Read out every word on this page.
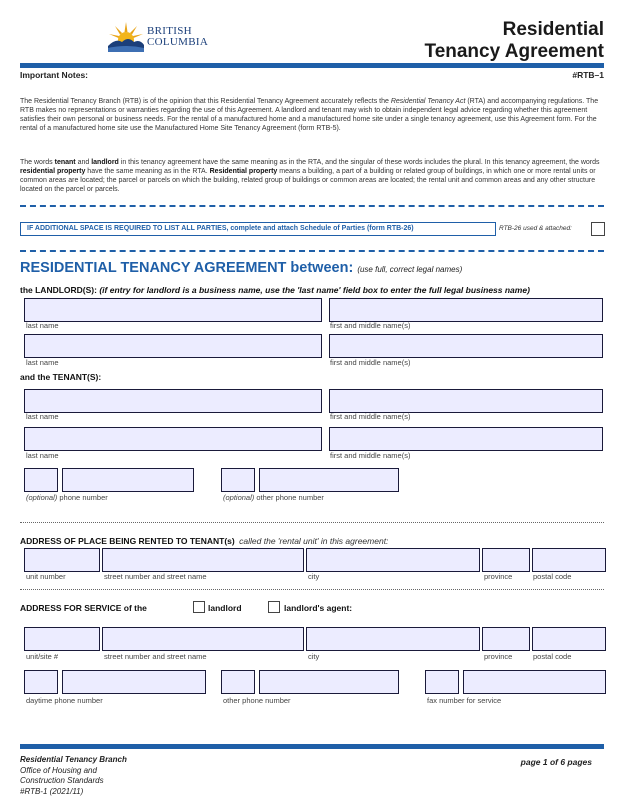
BRITISH
COLUMBIA
Residential
Tenancy Agreement
Important Notes:	#RTB–1
The Residential Tenancy Branch (RTB) is of the opinion that this Residential Tenancy Agreement accurately reflects the Residential Tenancy Act (RTA) and accompanying regulations. The RTB makes no representations or warranties regarding the use of this Agreement. A landlord and tenant may wish to obtain independent legal advice regarding whether this agreement satisfies their own personal or business needs. For the rental of a manufactured home and a manufactured home site under a single tenancy agreement, use this Agreement form. For the rental of a manufactured home site use the Manufactured Home Site Tenancy Agreement (form RTB-5).
The words tenant and landlord in this tenancy agreement have the same meaning as in the RTA, and the singular of these words includes the plural. In this tenancy agreement, the words residential property have the same meaning as in the RTA. Residential property means a building, a part of a building or related group of buildings, in which one or more rental units or common areas are located; the parcel or parcels on which the building, related group of buildings or common areas are located; the rental unit and common areas and any other structure located on the parcel or parcels.
IF ADDITIONAL SPACE IS REQUIRED TO LIST ALL PARTIES, complete and attach Schedule of Parties (form RTB-26)	RTB-26 used & attached:
RESIDENTIAL TENANCY AGREEMENT between: (use full, correct legal names)
the LANDLORD(S): (if entry for landlord is a business name, use the 'last name' field box to enter the full legal business name)
last name	first and middle name(s)
last name	first and middle name(s)
and the TENANT(S):
last name	first and middle name(s)
last name	first and middle name(s)
(optional) phone number	(optional) other phone number
ADDRESS OF PLACE BEING RENTED TO TENANT(s) called the 'rental unit' in this agreement:
unit number	street number and street name	city	province	postal code
ADDRESS FOR SERVICE of the	landlord	landlord's agent:
unit/site #	street number and street name	city	province	postal code
daytime phone number	other phone number	fax number for service
Residential Tenancy Branch
Office of Housing and
Construction Standards
#RTB-1 (2021/11)
page 1 of 6 pages
